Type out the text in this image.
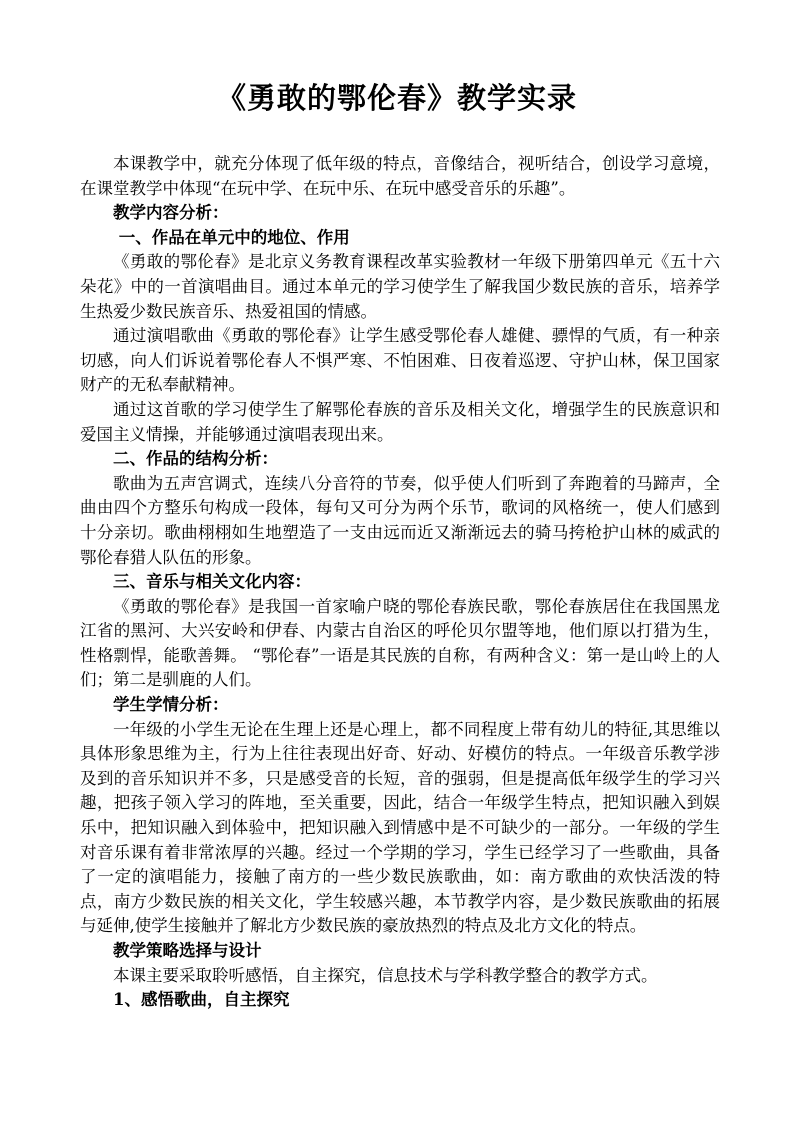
《勇敢的鄂伦春》教学实录

本课教学中，就充分体现了低年级的特点，音像结合，视听结合，创设学习意境，在课堂教学中体现“在玩中学、在玩中乐、在玩中感受音乐的乐趣”。

教学内容分析：

一、作品在单元中的地位、作用

《勇敢的鄂伦春》是北京义务教育课程改革实验教材一年级下册第四单元《五十六朵花》中的一首演唱曲目。通过本单元的学习使学生了解我国少数民族的音乐，培养学生热爱少数民族音乐、热爱祖国的情感。

通过演唱歌曲《勇敢的鄂伦春》让学生感受鄂伦春人雄健、骠悍的气质，有一种亲切感，向人们诉说着鄂伦春人不惧严寒、不怕困难、日夜着巡逻、守护山林，保卫国家财产的无私奉献精神。

通过这首歌的学习使学生了解鄂伦春族的音乐及相关文化，增强学生的民族意识和爱国主义情操，并能够通过演唱表现出来。

二、作品的结构分析：

歌曲为五声宫调式，连续八分音符的节奏，似乎使人们听到了奔跑着的马蹄声，全曲由四个方整乐句构成一段体，每句又可分为两个乐节，歌词的风格统一，使人们感到十分亲切。歌曲栩栩如生地塑造了一支由远而近又渐渐远去的骑马挎枪护山林的威武的鄂伦春猎人队伍的形象。

三、音乐与相关文化内容：

《勇敢的鄂伦春》是我国一首家喻户晓的鄂伦春族民歌，鄂伦春族居住在我国黑龙江省的黑河、大兴安岭和伊春、内蒙古自治区的呼伦贝尔盟等地，他们原以打猎为生，性格剽悍，能歌善舞。 “鄂伦春”一语是其民族的自称，有两种含义：第一是山岭上的人们；第二是驯鹿的人们。

学生学情分析：

一年级的小学生无论在生理上还是心理上，都不同程度上带有幼儿的特征,其思维以具体形象思维为主，行为上往往表现出好奇、好动、好模仿的特点。一年级音乐教学涉及到的音乐知识并不多，只是感受音的长短，音的强弱，但是提高低年级学生的学习兴趣，把孩子领入学习的阵地，至关重要，因此，结合一年级学生特点，把知识融入到娱乐中，把知识融入到体验中，把知识融入到情感中是不可缺少的一部分。一年级的学生对音乐课有着非常浓厚的兴趣。经过一个学期的学习，学生已经学习了一些歌曲，具备了一定的演唱能力，接触了南方的一些少数民族歌曲，如：南方歌曲的欢快活泼的特点，南方少数民族的相关文化，学生较感兴趣，本节教学内容，是少数民族歌曲的拓展与延伸,使学生接触并了解北方少数民族的豪放热烈的特点及北方文化的特点。

教学策略选择与设计

本课主要采取聆听感悟，自主探究，信息技术与学科教学整合的教学方式。

1、感悟歌曲，自主探究
